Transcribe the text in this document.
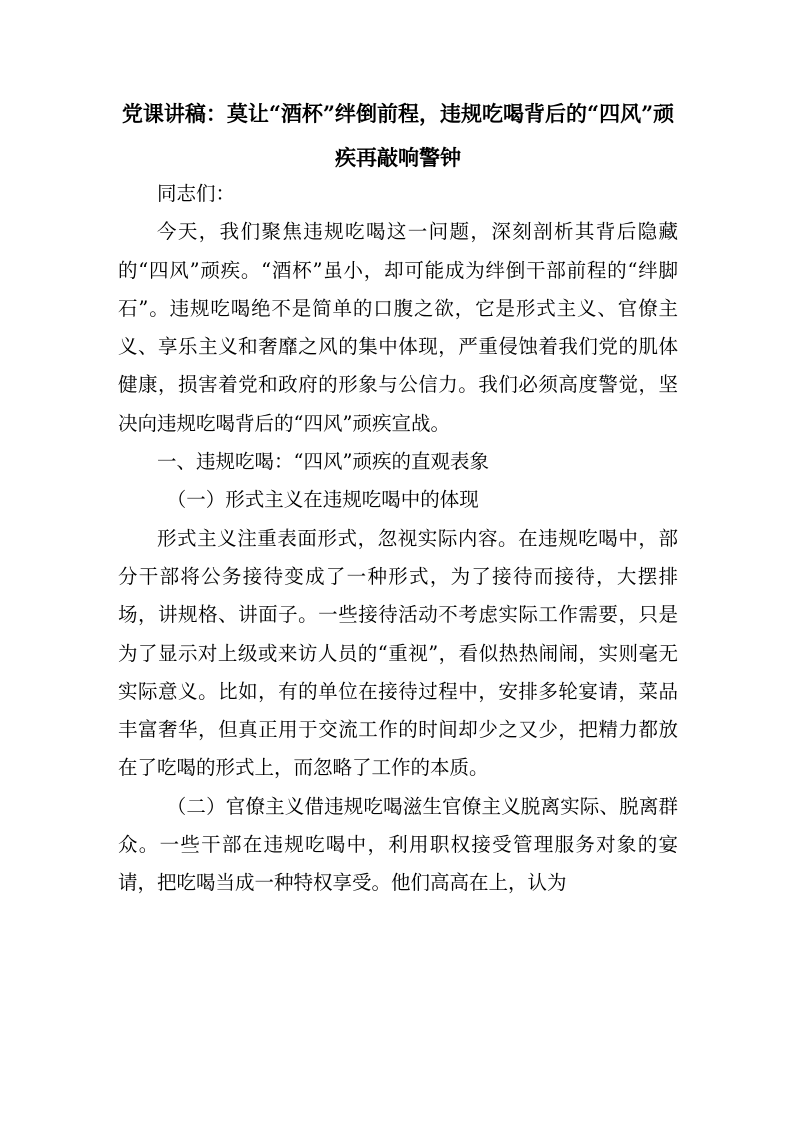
党课讲稿：莫让“酒杯”绊倒前程，违规吃喝背后的“四风”顽疾再敲响警钟

同志们：

今天，我们聚焦违规吃喝这一问题，深刻剖析其背后隐藏的“四风”顽疾。“酒杯”虽小，却可能成为绊倒干部前程的“绊脚石”。违规吃喝绝不是简单的口腹之欲，它是形式主义、官僚主义、享乐主义和奢靡之风的集中体现，严重侵蚀着我们党的肌体健康，损害着党和政府的形象与公信力。我们必须高度警觉，坚决向违规吃喝背后的“四风”顽疾宣战。

一、违规吃喝：“四风”顽疾的直观表象

（一）形式主义在违规吃喝中的体现

形式主义注重表面形式，忽视实际内容。在违规吃喝中，部分干部将公务接待变成了一种形式，为了接待而接待，大摆排场，讲规格、讲面子。一些接待活动不考虑实际工作需要，只是为了显示对上级或来访人员的“重视”，看似热热闹闹，实则毫无实际意义。比如，有的单位在接待过程中，安排多轮宴请，菜品丰富奢华，但真正用于交流工作的时间却少之又少，把精力都放在了吃喝的形式上，而忽略了工作的本质。

（二）官僚主义借违规吃喝滋生官僚主义脱离实际、脱离群众。一些干部在违规吃喝中，利用职权接受管理服务对象的宴请，把吃喝当成一种特权享受。他们高高在上，认为
